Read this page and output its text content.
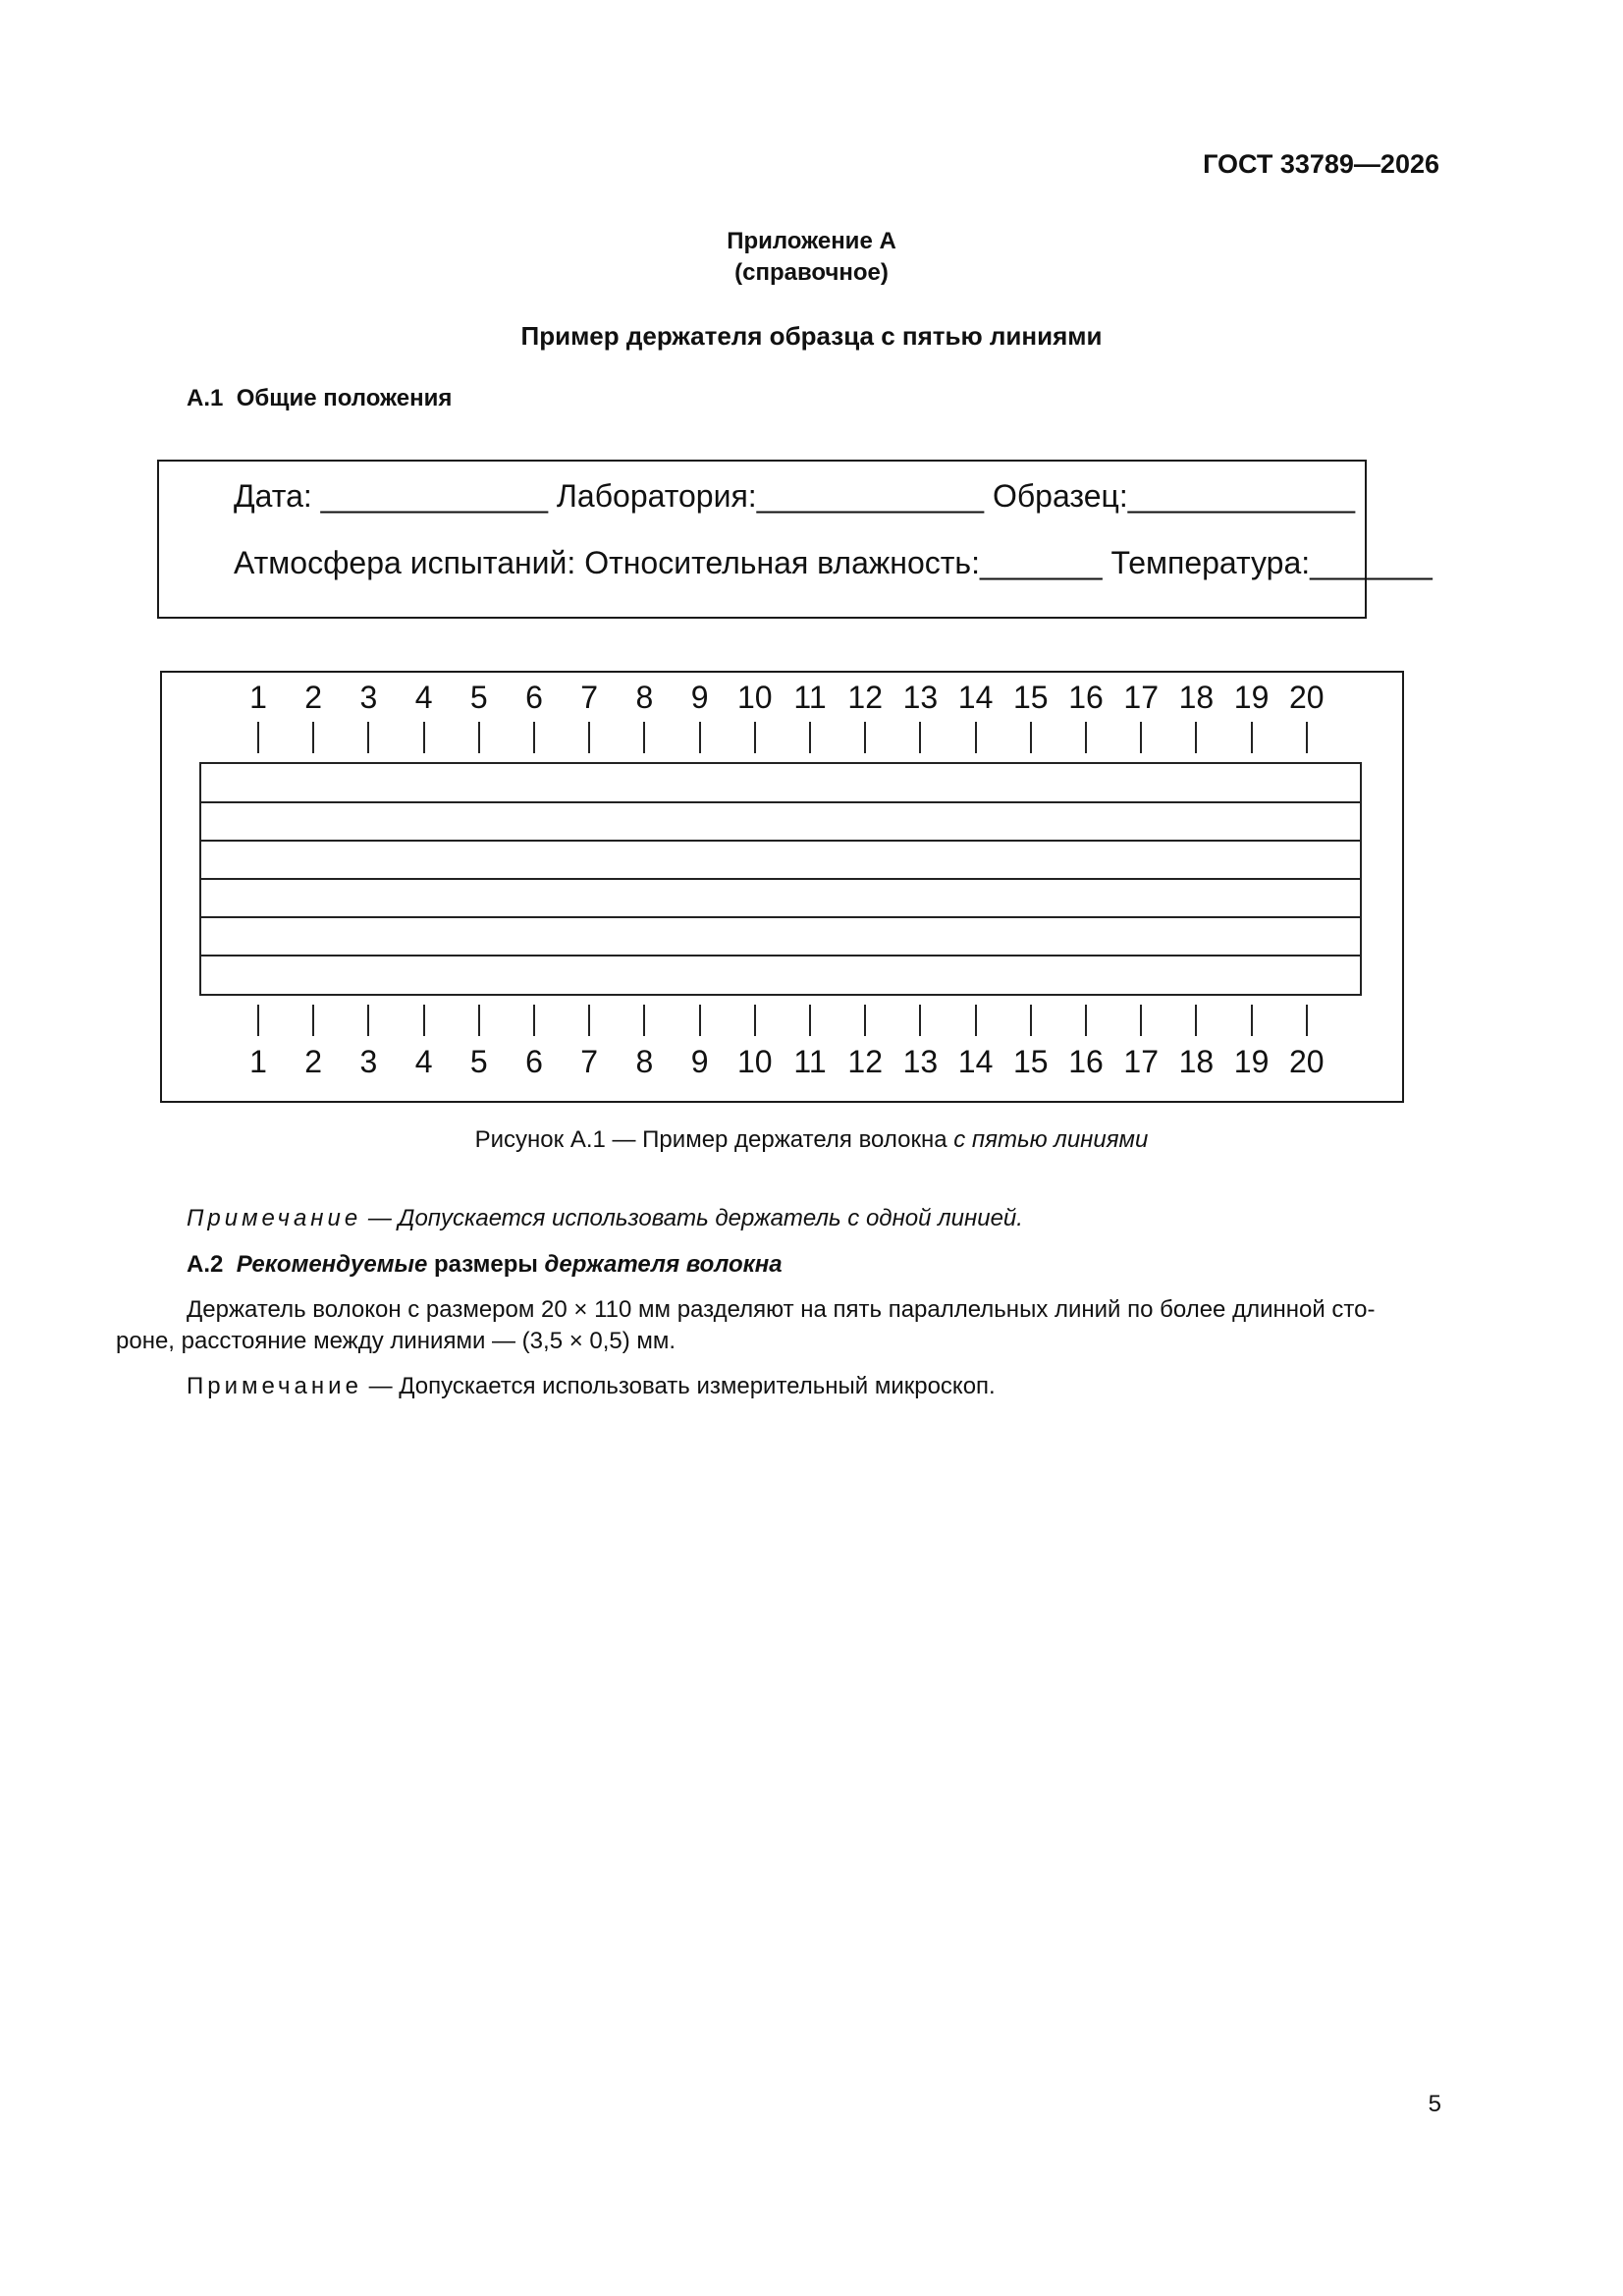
ГОСТ 33789—2026
Приложение А
(справочное)
Пример держателя образца с пятью линиями
А.1 Общие положения
Дата: _____________ Лаборатория:_____________ Образец:_____________
Атмосфера испытаний: Относительная влажность:_______ Температура:_______
1	2	3	4	5	6	7	8	9 10 11 12 13 14 15 16 17 18 19 20
1	2	3	4	5	6	7	8	9 10 11 12 13 14 15 16 17 18 19 20
Рисунок А.1 — Пример держателя волокна с пятью линиями
Примечание — Допускается использовать держатель с одной линией.
А.2 Рекомендуемые размеры держателя волокна
Держатель волокон с размером 20 × 110 мм разделяют на пять параллельных линий по более длинной сто-
роне, расстояние между линиями — (3,5 × 0,5) мм.
Примечание — Допускается использовать измерительный микроскоп.
5
